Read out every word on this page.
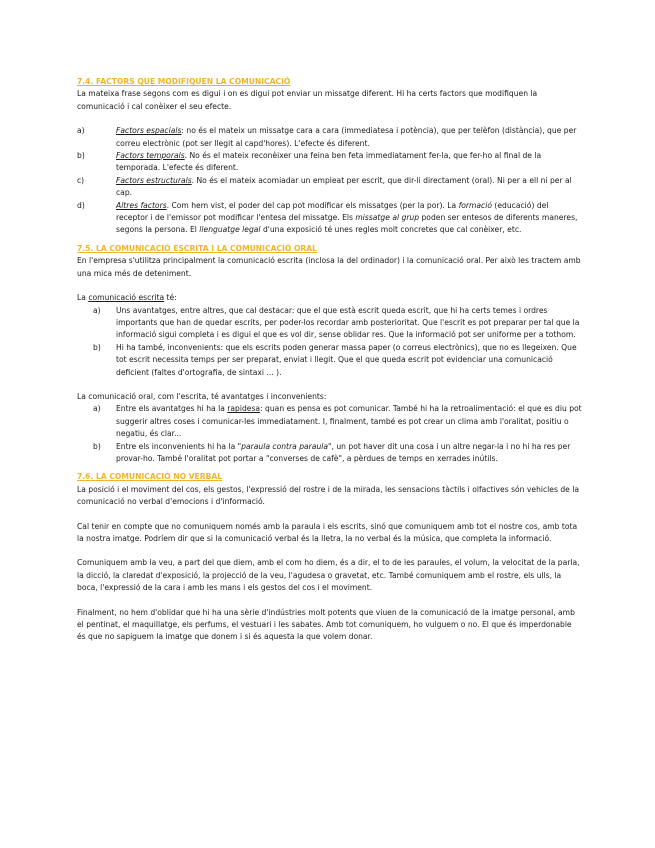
7.4. FACTORS QUE MODIFIQUEN LA COMUNICACIÓ

La mateixa frase segons com es digui i on es digui pot enviar un missatge diferent. Hi ha certs factors que modifiquen la comunicació i cal conèixer el seu efecte.

a)	Factors espacials: no és el mateix un missatge cara a cara (immediatesa i potència), que per telèfon (distància), que per correu electrònic (pot ser llegit al capd'hores). L'efecte és diferent.
b)	Factors temporals. No és el mateix reconèixer una feina ben feta immediatament fer-la, que fer-ho al final de la temporada. L'efecte és diferent.
c)	Factors estructurals. No és el mateix acomiadar un empleat per escrit, que dir-li directament (oral). Ni per a ell ni per al cap.
d)	Altres factors. Com hem vist, el poder del cap pot modificar els missatges (per la por). La formació (educació) del receptor i de l'emissor pot modificar l'entesa del missatge. Els missatge al grup poden ser entesos de diferents maneres, segons la persona. El llenguatge legal d'una exposició té unes regles molt concretes que cal conèixer, etc.
7.5. LA COMUNICACIÓ ESCRITA I LA COMUNICACIÓ ORAL

En l'empresa s'utilitza principalment la comunicació escrita (inclosa la del ordinador) i la comunicació oral. Per això les tractem amb una mica més de deteniment.

La comunicació escrita té:

a)	Uns avantatges, entre altres, que cal destacar: que el que està escrit queda escrit, que hi ha certs temes i ordres importants que han de quedar escrits, per poder-los recordar amb posterioritat. Que l'escrit es pot preparar per tal que la informació sigui completa i es digui el que es vol dir, sense oblidar res. Que la informació pot ser uniforme per a tothom.
b)	Hi ha també, inconvenients: que els escrits poden generar massa paper (o correus electrònics), que no es llegeixen. Que tot escrit necessita temps per ser preparat, enviat i llegit. Que el que queda escrit pot evidenciar una comunicació deficient (faltes d'ortografia, de sintaxi ... ).

La comunicació oral, com l'escrita, té avantatges i inconvenients:

a)	Entre els avantatges hi ha la rapidesa: quan es pensa es pot comunicar. També hi ha la retroalimentació: el que es diu pot suggerir altres coses i comunicar-les immediatament. I, finalment, també es pot crear un clima amb l'oralitat, positiu o negatiu, és clar...
b)	Entre els inconvenients hi ha la "paraula contra paraula", un pot haver dit una cosa i un altre negar-la i no hi ha res per provar-ho. També l'oralitat pot portar a "converses de cafè", a pèrdues de temps en xerrades inútils.
7.6. LA COMUNICACIÓ NO VERBAL

La posició i el moviment del cos, els gestos, l'expressió del rostre i de la mirada, les sensacions tàctils i olfactives són vehicles de la comunicació no verbal d'emocions i d'informació.

Cal tenir en compte que no comuniquem només amb la paraula i els escrits, sinó que comuniquem amb tot el nostre cos, amb tota la nostra imatge. Podríem dir que si la comunicació verbal és la lletra, la no verbal és la música, que completa la informació.

Comuniquem amb la veu, a part del que diem, amb el com ho diem, és a dir, el to de les paraules, el volum, la velocitat de la parla, la dicció, la claredat d'exposició, la projecció de la veu, l'agudesa o gravetat, etc. També comuniquem amb el rostre, els ulls, la boca, l'expressió de la cara i amb les mans i els gestos del cos i el moviment.

Finalment, no hem d'oblidar que hi ha una sèrie d'indústries molt potents que viuen de la comunicació de la imatge personal, amb el pentinat, el maquillatge, els perfums, el vestuari i les sabates. Amb tot comuniquem, ho vulguem o no. El que és imperdonable és que no sapiguem la imatge que donem i si és aquesta la que volem donar.
